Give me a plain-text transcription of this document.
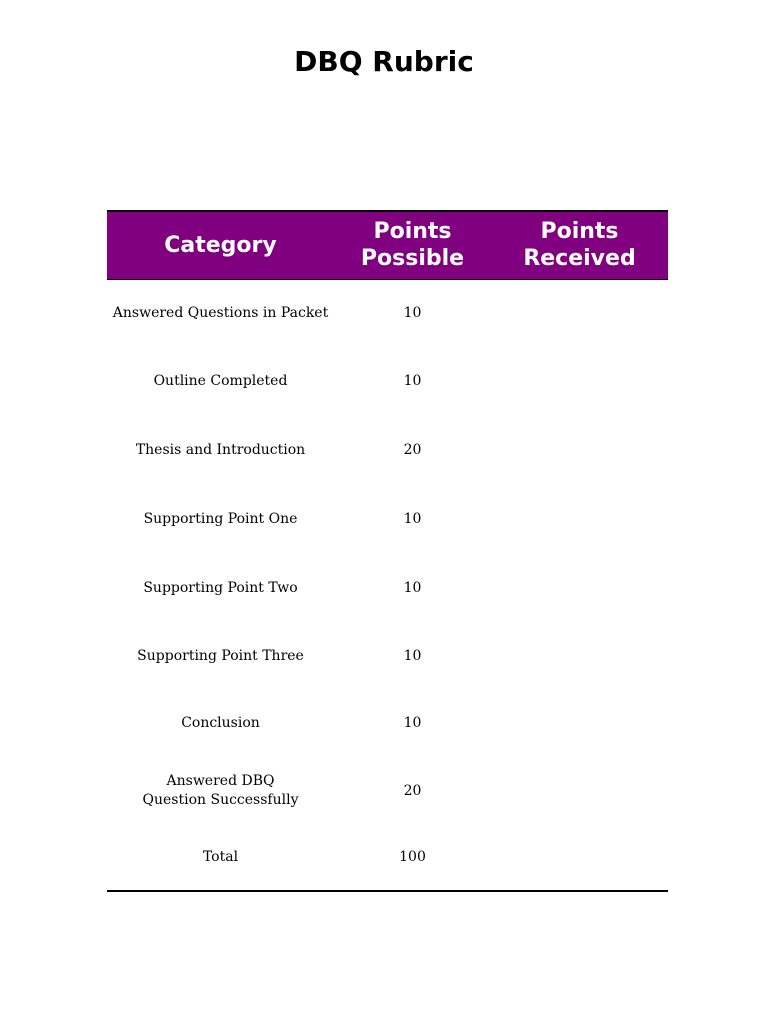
DBQ Rubric
Category	Points Possible	Points Received
Answered Questions in Packet	10	
Outline Completed	10	
Thesis and Introduction	20	
Supporting Point One	10	
Supporting Point Two	10	
Supporting Point Three	10	
Conclusion	10	
Answered DBQ Question Successfully	20	
Total	100	
